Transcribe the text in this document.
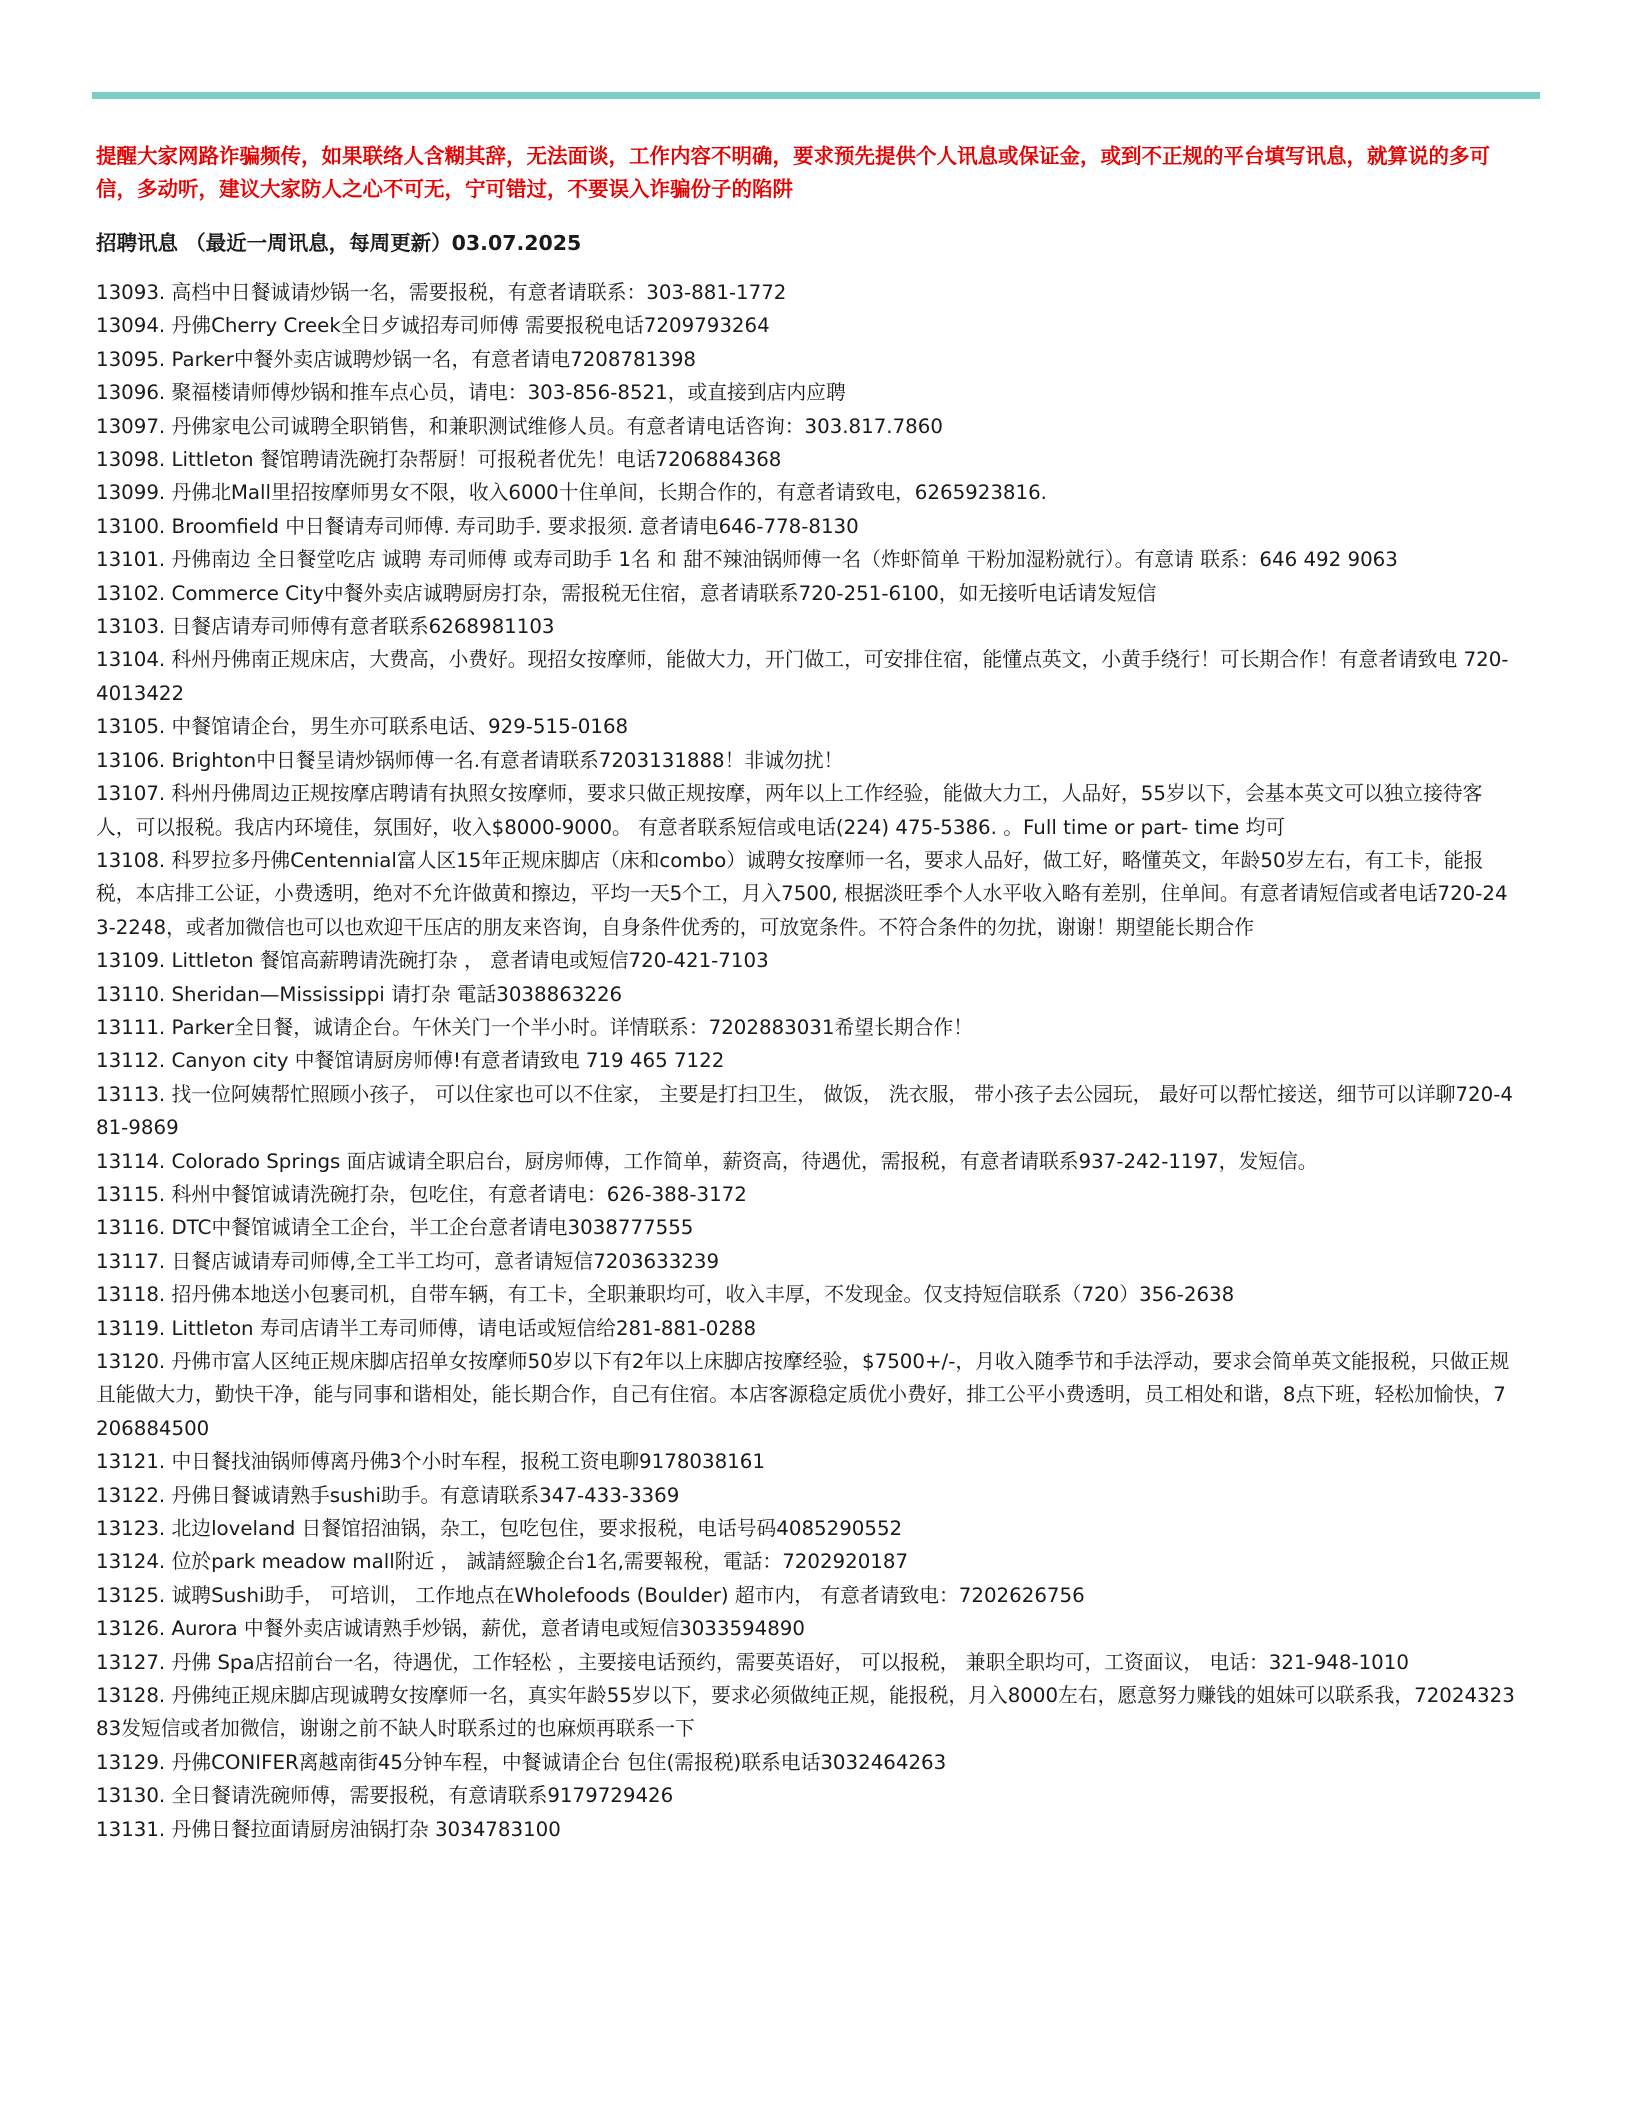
提醒大家网路诈骗频传，如果联络人含糊其辞，无法面谈，工作内容不明确，要求预先提供个人讯息或保证金，或到不正规的平台填写讯息，就算说的多可信，多动听，建议大家防人之心不可无，宁可错过，不要误入诈骗份子的陷阱

招聘讯息 （最近一周讯息，每周更新）03.07.2025

13093. 高档中日餐诚请炒锅一名，需要报税，有意者请联系：303-881-1772
13094. 丹佛Cherry Creek全日歺诚招寿司师傅 需要报税电话7209793264
13095. Parker中餐外卖店诚聘炒锅一名，有意者请电7208781398
13096. 聚福楼请师傅炒锅和推车点心员，请电：303-856-8521，或直接到店内应聘
13097. 丹佛家电公司诚聘全职销售，和兼职测试维修人员。有意者请电话咨询：303.817.7860
13098. Littleton 餐馆聘请洗碗打杂帮厨！可报税者优先！电话7206884368
13099. 丹佛北Mall里招按摩师男女不限，收入6000十住单间，长期合作的，有意者请致电，6265923816.
13100. Broomfield 中日餐请寿司师傅. 寿司助手. 要求报须. 意者请电646-778-8130
13101. 丹佛南边 全日餐堂吃店 诚聘 寿司师傅 或寿司助手 1名 和 甜不辣油锅师傅一名（炸虾简单 干粉加湿粉就行）。有意请 联系：646 492 9063
13102. Commerce City中餐外卖店诚聘厨房打杂，需报税无住宿，意者请联系720-251-6100，如无接听电话请发短信
13103. 日餐店请寿司师傅有意者联系6268981103
13104. 科州丹佛南正规床店，大费高，小费好。现招女按摩师，能做大力，开门做工，可安排住宿，能懂点英文，小黄手绕行！可长期合作！有意者请致电 720-4013422
13105. 中餐馆请企台，男生亦可联系电话、929-515-0168
13106. Brighton中日餐呈请炒锅师傅一名.有意者请联系7203131888！非诚勿扰！
13107. 科州丹佛周边正规按摩店聘请有执照女按摩师，要求只做正规按摩，两年以上工作经验，能做大力工，人品好，55岁以下，会基本英文可以独立接待客人，可以报税。我店内环境佳，氛围好，收入$8000-9000。 有意者联系短信或电话(224) 475-5386. 。Full time or part- time 均可
13108. 科罗拉多丹佛Centennial富人区15年正规床脚店（床和combo）诚聘女按摩师一名，要求人品好，做工好，略懂英文，年龄50岁左右，有工卡，能报税，本店排工公证，小费透明，绝对不允许做黄和擦边，平均一天5个工，月入7500, 根据淡旺季个人水平收入略有差别，住单间。有意者请短信或者电话720-243-2248，或者加微信也可以也欢迎干压店的朋友来咨询，自身条件优秀的，可放宽条件。不符合条件的勿扰，谢谢！期望能长期合作
13109. Littleton 餐馆高薪聘请洗碗打杂 ， 意者请电或短信720-421-7103
13110. Sheridan—Mississippi 请打杂 電話3038863226
13111. Parker全日餐，诚请企台。午休关门一个半小时。详情联系：7202883031希望长期合作！
13112. Canyon city 中餐馆请厨房师傅!有意者请致电 719 465 7122
13113. 找一位阿姨帮忙照顾小孩子， 可以住家也可以不住家， 主要是打扫卫生， 做饭， 洗衣服， 带小孩子去公园玩， 最好可以帮忙接送，细节可以详聊720-481-9869
13114. Colorado Springs 面店诚请全职启台，厨房师傅，工作简单，薪资高，待遇优，需报税，有意者请联系937-242-1197，发短信。
13115. 科州中餐馆诚请洗碗打杂，包吃住，有意者请电：626-388-3172
13116. DTC中餐馆诚请全工企台，半工企台意者请电3038777555
13117. 日餐店诚请寿司师傅,全工半工均可，意者请短信7203633239
13118. 招丹佛本地送小包裹司机，自带车辆，有工卡，全职兼职均可，收入丰厚，不发现金。仅支持短信联系（720）356-2638
13119. Littleton 寿司店请半工寿司师傅，请电话或短信给281-881-0288
13120. 丹佛市富人区纯正规床脚店招单女按摩师50岁以下有2年以上床脚店按摩经验，$7500+/-，月收入随季节和手法浮动，要求会简单英文能报税，只做正规且能做大力，勤快干净，能与同事和谐相处，能长期合作，自己有住宿。本店客源稳定质优小费好，排工公平小费透明，员工相处和谐，8点下班，轻松加愉快，7206884500
13121. 中日餐找油锅师傅离丹佛3个小时车程，报税工资电聊9178038161
13122. 丹佛日餐诚请熟手sushi助手。有意请联系347-433-3369
13123. 北边loveland 日餐馆招油锅，杂工，包吃包住，要求报税，电话号码4085290552
13124. 位於park meadow mall附近 ， 誠請經驗企台1名,需要報稅，電話：7202920187
13125. 诚聘Sushi助手， 可培训， 工作地点在Wholefoods (Boulder) 超市内， 有意者请致电：7202626756
13126. Aurora 中餐外卖店诚请熟手炒锅，薪优，意者请电或短信3033594890
13127. 丹佛 Spa店招前台一名，待遇优，工作轻松 ，主要接电话预约，需要英语好， 可以报税， 兼职全职均可，工资面议， 电话：321-948-1010
13128. 丹佛纯正规床脚店现诚聘女按摩师一名，真实年龄55岁以下，要求必须做纯正规，能报税，月入8000左右，愿意努力赚钱的姐妹可以联系我，7202432383发短信或者加微信，谢谢之前不缺人时联系过的也麻烦再联系一下
13129. 丹佛CONIFER离越南街45分钟车程，中餐诚请企台 包住(需报税)联系电话3032464263
13130. 全日餐请洗碗师傅，需要报税，有意请联系9179729426
13131. 丹佛日餐拉面请厨房油锅打杂 3034783100
